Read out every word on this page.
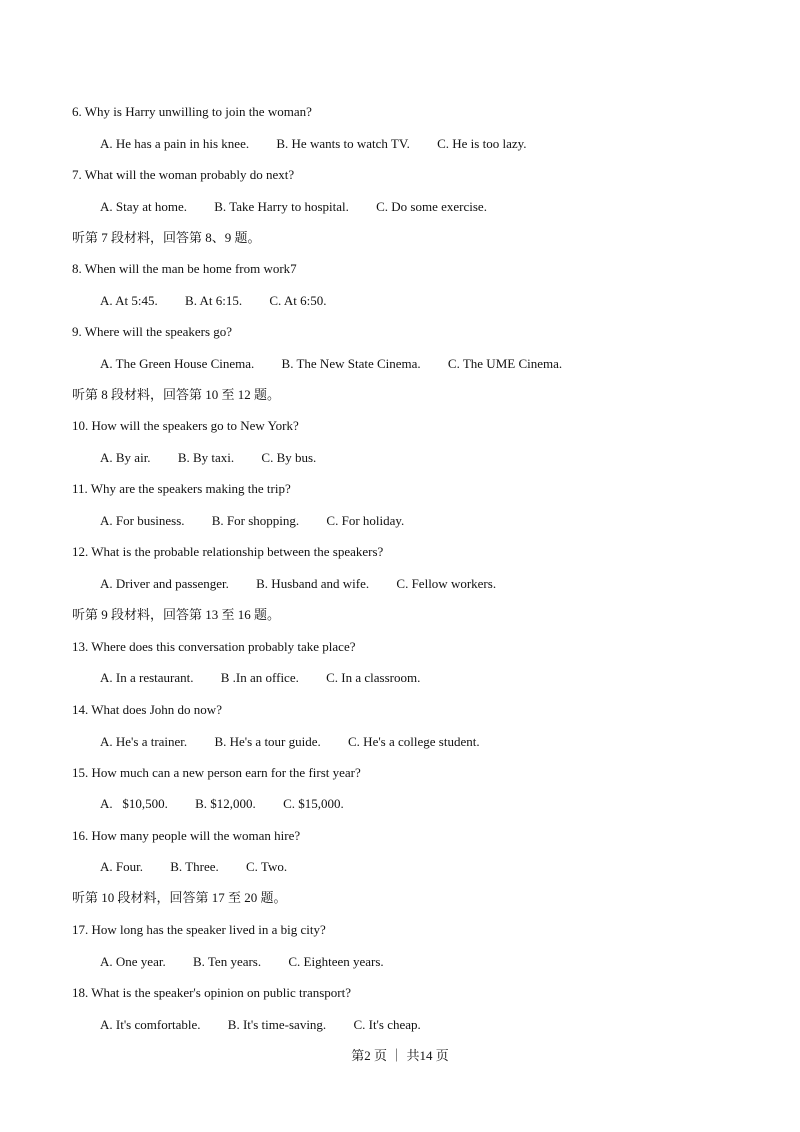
6. Why is Harry unwilling to join the woman?
A. He has a pain in his knee. B. He wants to watch TV. C. He is too lazy.
7. What will the woman probably do next?
A. Stay at home. B. Take Harry to hospital. C. Do some exercise.
听第 7 段材料，回答第 8、9 题。
8. When will the man be home from work7
A. At 5:45. B. At 6:15. C. At 6:50.
9. Where will the speakers go?
A. The Green House Cinema. B. The New State Cinema. C. The UME Cinema.
听第 8 段材料，回答第 10 至 12 题。
10. How will the speakers go to New York?
A. By air. B. By taxi. C. By bus.
11. Why are the speakers making the trip?
A. For business. B. For shopping. C. For holiday.
12. What is the probable relationship between the speakers?
A. Driver and passenger. B. Husband and wife. C. Fellow workers.
听第 9 段材料，回答第 13 至 16 题。
13. Where does this conversation probably take place?
A. In a restaurant. B .In an office. C. In a classroom.
14. What does John do now?
A. He's a trainer. B. He's a tour guide. C. He's a college student.
15. How much can a new person earn for the first year?
A.   $10,500. B. $12,000. C. $15,000.
16. How many people will the woman hire?
A. Four. B. Three. C. Two.
听第 10 段材料，回答第 17 至 20 题。
17. How long has the speaker lived in a big city?
A. One year. B. Ten years. C. Eighteen years.
18. What is the speaker's opinion on public transport?
A. It's comfortable. B. It's time-saving. C. It's cheap.
第2 页 ｜ 共14 页
